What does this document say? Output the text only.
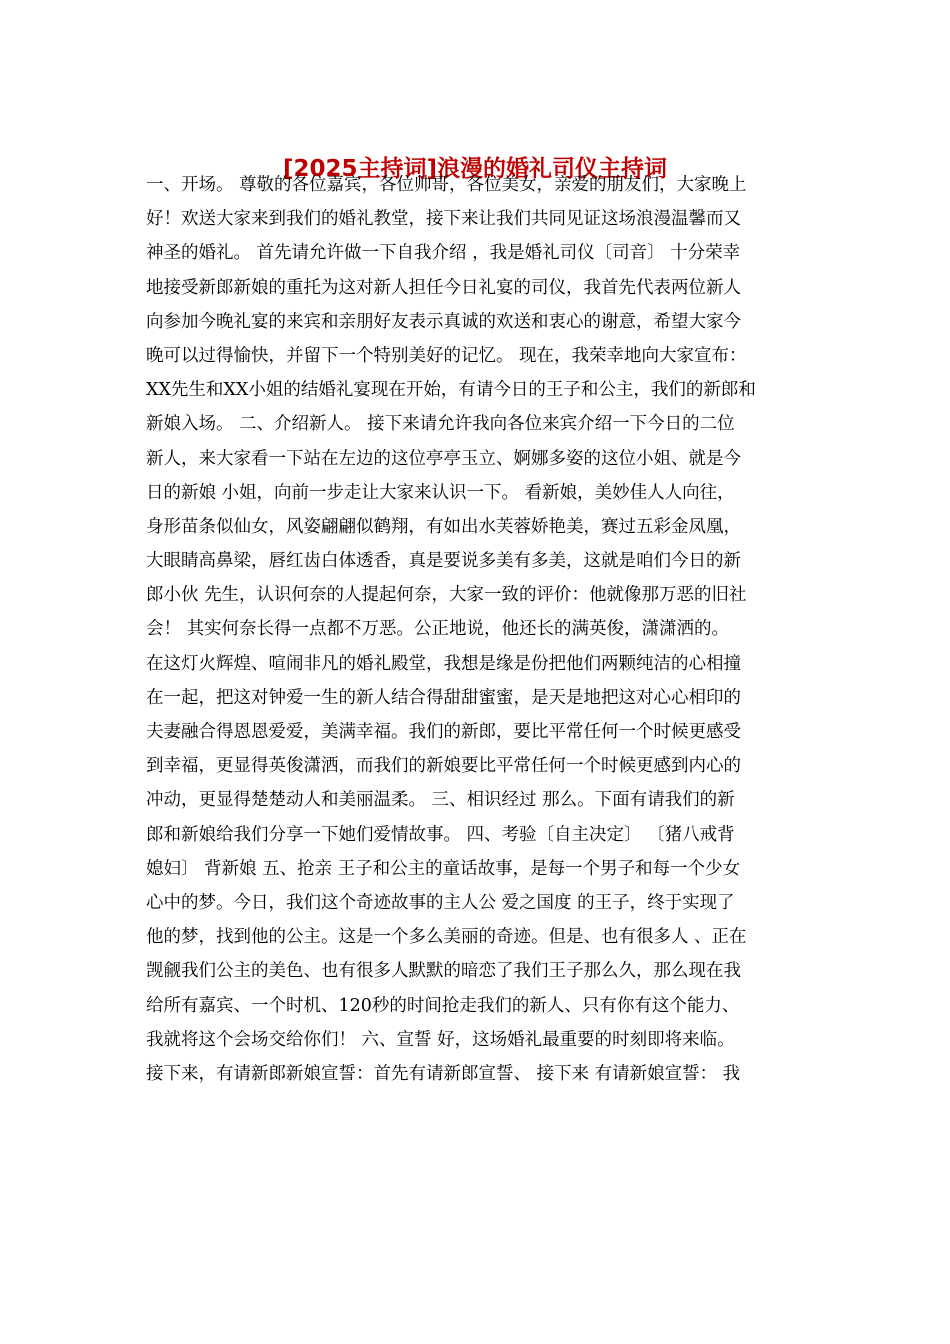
[2025主持词]浪漫的婚礼司仪主持词
一、开场。 尊敬的各位嘉宾，各位帅哥，各位美女，亲爱的朋友们，大家晚上
好！欢送大家来到我们的婚礼教堂，接下来让我们共同见证这场浪漫温馨而又
神圣的婚礼。 首先请允许做一下自我介绍 ，我是婚礼司仪〔司音〕 十分荣幸
地接受新郎新娘的重托为这对新人担任今日礼宴的司仪，我首先代表两位新人
向参加今晚礼宴的来宾和亲朋好友表示真诚的欢送和衷心的谢意，希望大家今
晚可以过得愉快，并留下一个特别美好的记忆。 现在，我荣幸地向大家宣布：
XX先生和XX小姐的结婚礼宴现在开始，有请今日的王子和公主，我们的新郎和
新娘入场。 二、介绍新人。 接下来请允许我向各位来宾介绍一下今日的二位
新人，来大家看一下站在左边的这位亭亭玉立、婀娜多姿的这位小姐、就是今
日的新娘 小姐，向前一步走让大家来认识一下。 看新娘，美妙佳人人向往，
身形苗条似仙女，风姿翩翩似鹤翔，有如出水芙蓉娇艳美，赛过五彩金凤凰，
大眼睛高鼻梁，唇红齿白体透香，真是要说多美有多美，这就是咱们今日的新
郎小伙 先生，认识何奈的人提起何奈，大家一致的评价：他就像那万恶的旧社
会！ 其实何奈长得一点都不万恶。公正地说，他还长的满英俊，潇潇洒的。
在这灯火辉煌、喧闹非凡的婚礼殿堂，我想是缘是份把他们两颗纯洁的心相撞
在一起，把这对钟爱一生的新人结合得甜甜蜜蜜，是天是地把这对心心相印的
夫妻融合得恩恩爱爱，美满幸福。我们的新郎，要比平常任何一个时候更感受
到幸福，更显得英俊潇洒，而我们的新娘要比平常任何一个时候更感到内心的
冲动，更显得楚楚动人和美丽温柔。 三、相识经过 那么。下面有请我们的新
郎和新娘给我们分享一下她们爱情故事。 四、考验〔自主决定〕 〔猪八戒背
媳妇〕 背新娘 五、抢亲 王子和公主的童话故事，是每一个男子和每一个少女
心中的梦。今日，我们这个奇迹故事的主人公 爱之国度 的王子，终于实现了
他的梦，找到他的公主。这是一个多么美丽的奇迹。但是、也有很多人 、正在
觊觎我们公主的美色、也有很多人默默的暗恋了我们王子那么久，那么现在我
给所有嘉宾、一个时机、120秒的时间抢走我们的新人、只有你有这个能力、
我就将这个会场交给你们！ 六、宣誓 好，这场婚礼最重要的时刻即将来临。
接下来，有请新郎新娘宣誓：首先有请新郎宣誓、 接下来 有请新娘宣誓： 我
